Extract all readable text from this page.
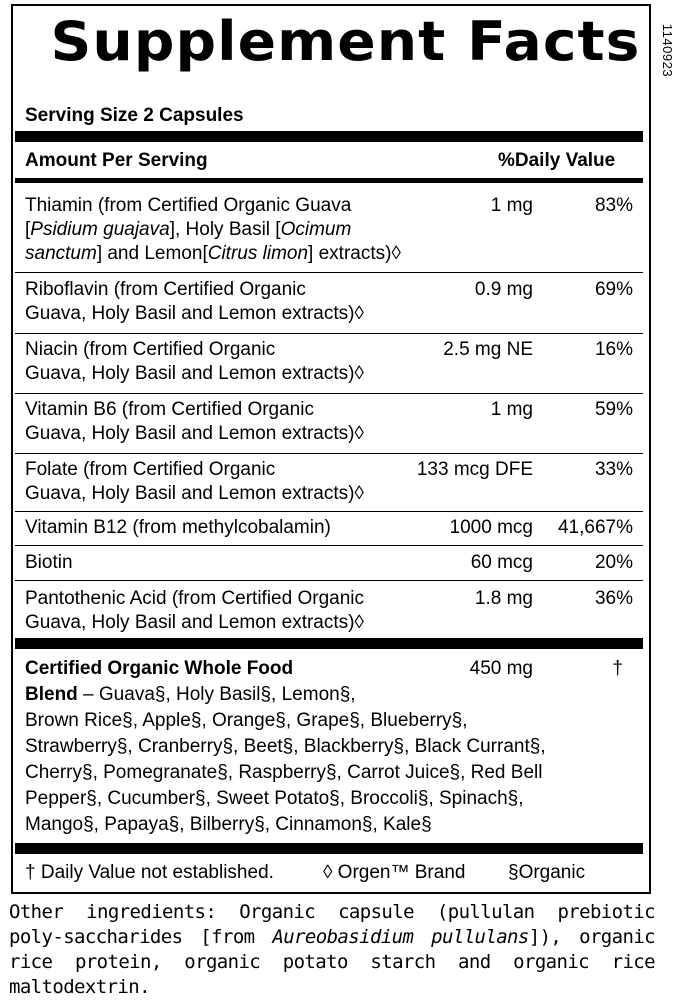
1140923
Supplement Facts
Serving Size 2 Capsules
Amount Per Serving	%Daily Value
Thiamin (from Certified Organic Guava
[Psidium guajava], Holy Basil [Ocimum
sanctum] and Lemon[Citrus limon] extracts)◊
1 mg	83%
Riboflavin (from Certified Organic
Guava, Holy Basil and Lemon extracts)◊
0.9 mg	69%
Niacin (from Certified Organic
Guava, Holy Basil and Lemon extracts)◊
2.5 mg NE	16%
Vitamin B6 (from Certified Organic
Guava, Holy Basil and Lemon extracts)◊
1 mg	59%
Folate (from Certified Organic
Guava, Holy Basil and Lemon extracts)◊
133 mcg DFE	33%
Vitamin B12 (from methylcobalamin)	1000 mcg 41,667%
Biotin	60 mcg	20%
Pantothenic Acid (from Certified Organic
Guava, Holy Basil and Lemon extracts)◊
1.8 mg	36%
Certified Organic Whole Food	450 mg	†
Blend – Guava§, Holy Basil§, Lemon§,
Brown Rice§, Apple§, Orange§, Grape§, Blueberry§,
Strawberry§, Cranberry§, Beet§, Blackberry§, Black Currant§,
Cherry§, Pomegranate§, Raspberry§, Carrot Juice§, Red Bell
Pepper§, Cucumber§, Sweet Potato§, Broccoli§, Spinach§,
Mango§, Papaya§, Bilberry§, Cinnamon§, Kale§
† Daily Value not established.	◊ Orgen™ Brand §Organic
Other ingredients: Organic capsule (pullulan prebiotic poly-saccharides [from Aureobasidium pullulans]), organic rice protein, organic potato starch and organic rice maltodextrin.
